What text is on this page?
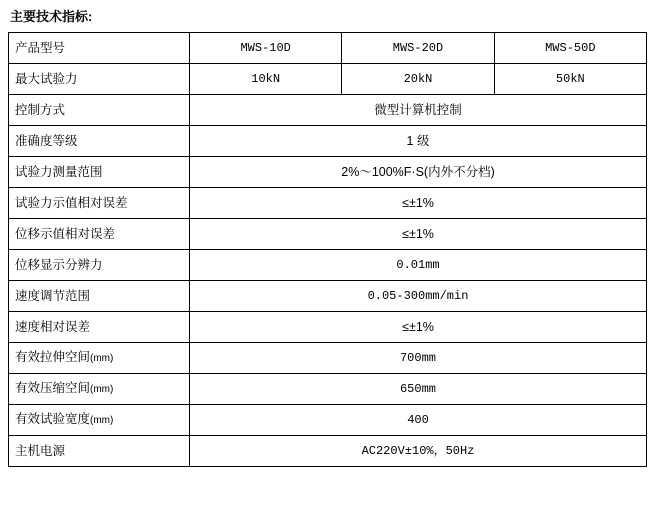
主要技术指标:
产品型号	MWS-10D	MWS-20D	MWS-50D
最大试验力	10kN	20kN	50kN
控制方式	微型计算机控制		
准确度等级	1 级		
试验力测量范围	2%～100%F·S(内外不分档)		
试验力示值相对误差	≤±1%		
位移示值相对误差	≤±1%		
位移显示分辨力	0.01mm		
速度调节范围	0.05-300mm/min		
速度相对误差	≤±1%		
有效拉伸空间(mm)	700mm		
有效压缩空间(mm)	650mm		
有效试验宽度(mm)	400		
主机电源	AC220V±10%，50Hz		
